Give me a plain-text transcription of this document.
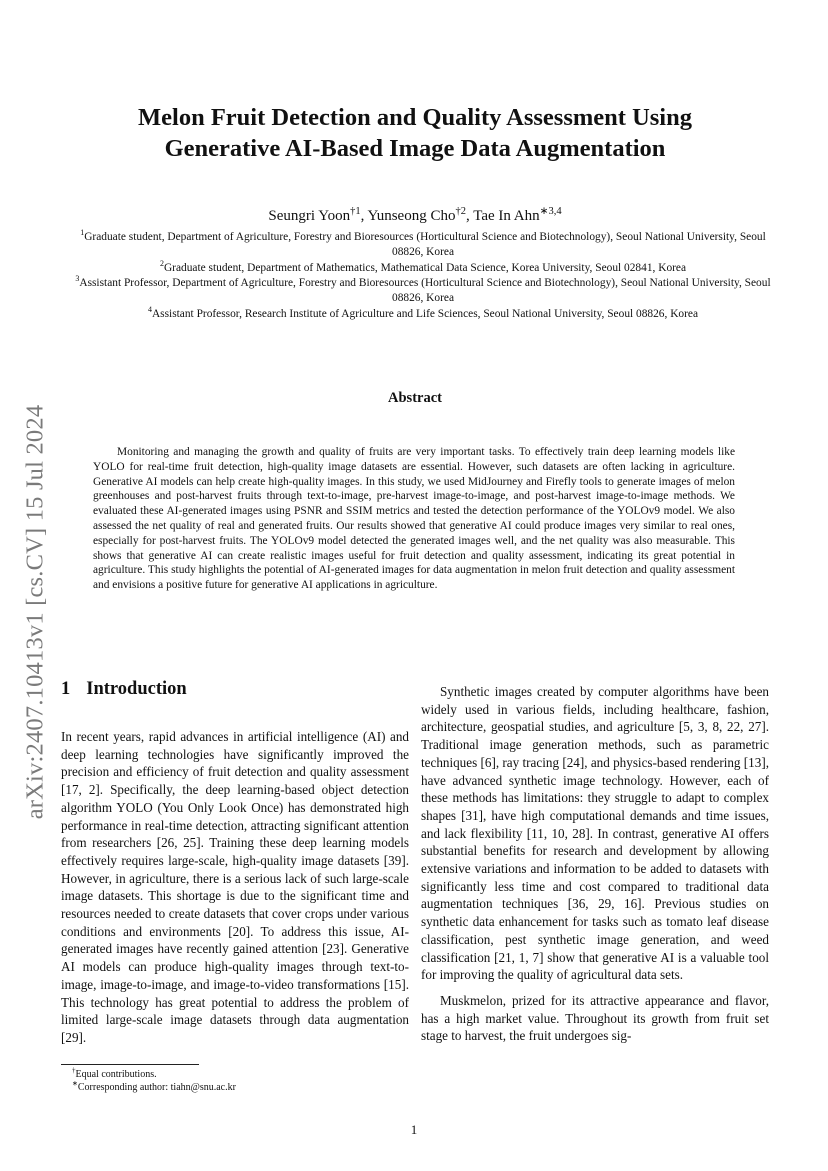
arXiv:2407.10413v1 [cs.CV] 15 Jul 2024
Melon Fruit Detection and Quality Assessment Using
Generative AI-Based Image Data Augmentation
Seungri Yoon$^{\dagger 1}$, Yunseong Cho$^{\dagger 2}$, Tae In Ahn$^{∗3,4}$
$^1$Graduate student, Department of Agriculture, Forestry and Bioresources (Horticultural Science and Biotechnology), Seoul National University, Seoul 08826, Korea
$^2$Graduate student, Department of Mathematics, Mathematical Data Science, Korea University, Seoul 02841, Korea
$^3$Assistant Professor, Department of Agriculture, Forestry and Bioresources (Horticultural Science and Biotechnology), Seoul National University, Seoul 08826, Korea
$^4$Assistant Professor, Research Institute of Agriculture and Life Sciences, Seoul National University, Seoul 08826, Korea
Abstract

Monitoring and managing the growth and quality of fruits are very important tasks. To effectively train deep learning models like YOLO for real-time fruit detection, high-quality image datasets are essential. However, such datasets are often lacking in agriculture. Generative AI models can help create high-quality images. In this study, we used MidJourney and Firefly tools to generate images of melon greenhouses and post-harvest fruits through text-to-image, pre-harvest image-to-image, and post-harvest image-to-image methods. We evaluated these AI-generated images using PSNR and SSIM metrics and tested the detection performance of the YOLOv9 model. We also assessed the net quality of real and generated fruits. Our results showed that generative AI could produce images very similar to real ones, especially for post-harvest fruits. The YOLOv9 model detected the generated images well, and the net quality was also measurable. This shows that generative AI can create realistic images useful for fruit detection and quality assessment, indicating its great potential in agriculture. This study highlights the potential of AI-generated images for data augmentation in melon fruit detection and quality assessment and envisions a positive future for generative AI applications in agriculture.

1 Introduction

In recent years, rapid advances in artificial intelligence (AI) and deep learning technologies have significantly improved the precision and efficiency of fruit detection and quality assessment [17, 2]. Specifically, the deep learning-based object detection algorithm YOLO (You Only Look Once) has demonstrated high performance in real-time detection, attracting significant attention from researchers [26, 25]. Training these deep learning models effectively requires large-scale, high-quality image datasets [39]. However, in agriculture, there is a serious lack of such large-scale image datasets. This shortage is due to the significant time and resources needed to create datasets that cover crops under various conditions and environments [20]. To address this issue, AI-generated images have recently gained attention [23]. Generative AI models can produce high-quality images through text-to-image, image-to-image, and image-to-video transformations [15]. This technology has great potential to address the problem of limited large-scale image datasets through data augmentation [29].

Synthetic images created by computer algorithms have been widely used in various fields, including healthcare, fashion, architecture, geospatial studies, and agriculture [5, 3, 8, 22, 27]. Traditional image generation methods, such as parametric techniques [6], ray tracing [24], and physics-based rendering [13], have advanced synthetic image technology. However, each of these methods has limitations: they struggle to adapt to complex shapes [31], have high computational demands and time issues, and lack flexibility [11, 10, 28]. In contrast, generative AI offers substantial benefits for research and development by allowing extensive variations and information to be added to datasets with significantly less time and cost compared to traditional data augmentation techniques [36, 29, 16]. Previous studies on synthetic data enhancement for tasks such as tomato leaf disease classification, pest synthetic image generation, and weed classification [21, 1, 7] show that generative AI is a valuable tool for improving the quality of agricultural data sets.

Muskmelon, prized for its attractive appearance and flavor, has a high market value. Throughout its growth from fruit set stage to harvest, the fruit undergoes sig-

†Equal contributions.
∗Corresponding author: tiahn@snu.ac.kr
1
